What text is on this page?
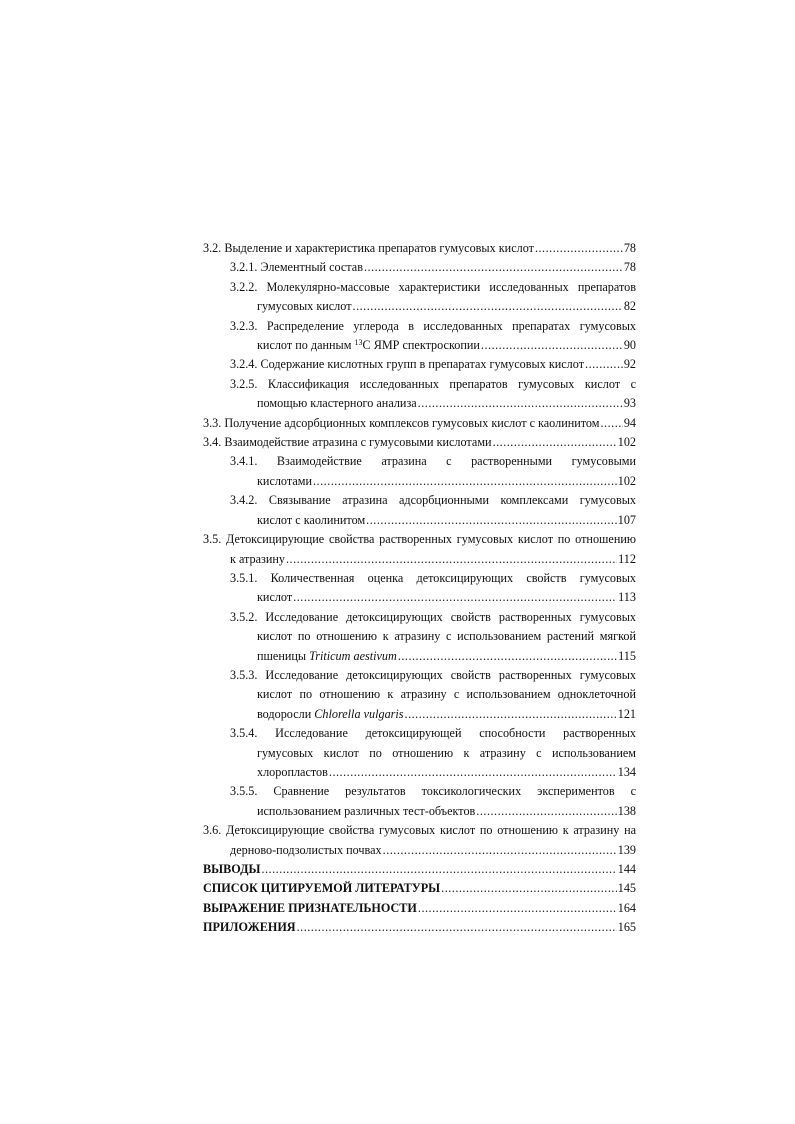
3.2. Выделение и характеристика препаратов гумусовых кислот .....	78
3.2.1. Элементный состав .....	78
3.2.2. Молекулярно-массовые характеристики исследованных препаратов
гумусовых кислот .....	82
3.2.3. Распределение углерода в исследованных препаратах гумусовых
кислот по данным $^{13}$С ЯМР спектроскопии .....	90
3.2.4. Содержание кислотных групп в препаратах гумусовых кислот .....	92
3.2.5. Классификация исследованных препаратов гумусовых кислот с
помощью кластерного анализа .....	93
3.3. Получение адсорбционных комплексов гумусовых кислот с каолинитом ..... 94
3.4. Взаимодействие атразина с гумусовыми кислотами .....	102
3.4.1. Взаимодействие атразина с растворенными гумусовыми
кислотами .....	102
3.4.2. Связывание атразина адсорбционными комплексами гумусовых
кислот с каолинитом .....	107
3.5. Детоксицирующие свойства растворенных гумусовых кислот по отношению
к атразину .....	112
3.5.1. Количественная оценка детоксицирующих свойств гумусовых
кислот .....	113
3.5.2. Исследование детоксицирующих свойств растворенных гумусовых
кислот по отношению к атразину с использованием растений мягкой
пшеницы Triticum aestivum .....	115
3.5.3. Исследование детоксицирующих свойств растворенных гумусовых
кислот по отношению к атразину с использованием одноклеточной
водоросли Chlorella vulgaris .....	121
3.5.4. Исследование детоксицирующей способности растворенных
гумусовых кислот по отношению к атразину с использованием
хлоропластов .....	134
3.5.5. Сравнение результатов токсикологических экспериментов с
использованием различных тест-объектов .....	138
3.6. Детоксицирующие свойства гумусовых кислот по отношению к атразину на
дерново-подзолистых почвах .....	139
ВЫВОДЫ .....	144
СПИСОК ЦИТИРУЕМОЙ ЛИТЕРАТУРЫ .....	145
ВЫРАЖЕНИЕ ПРИЗНАТЕЛЬНОСТИ .....	164
ПРИЛОЖЕНИЯ .....	165
